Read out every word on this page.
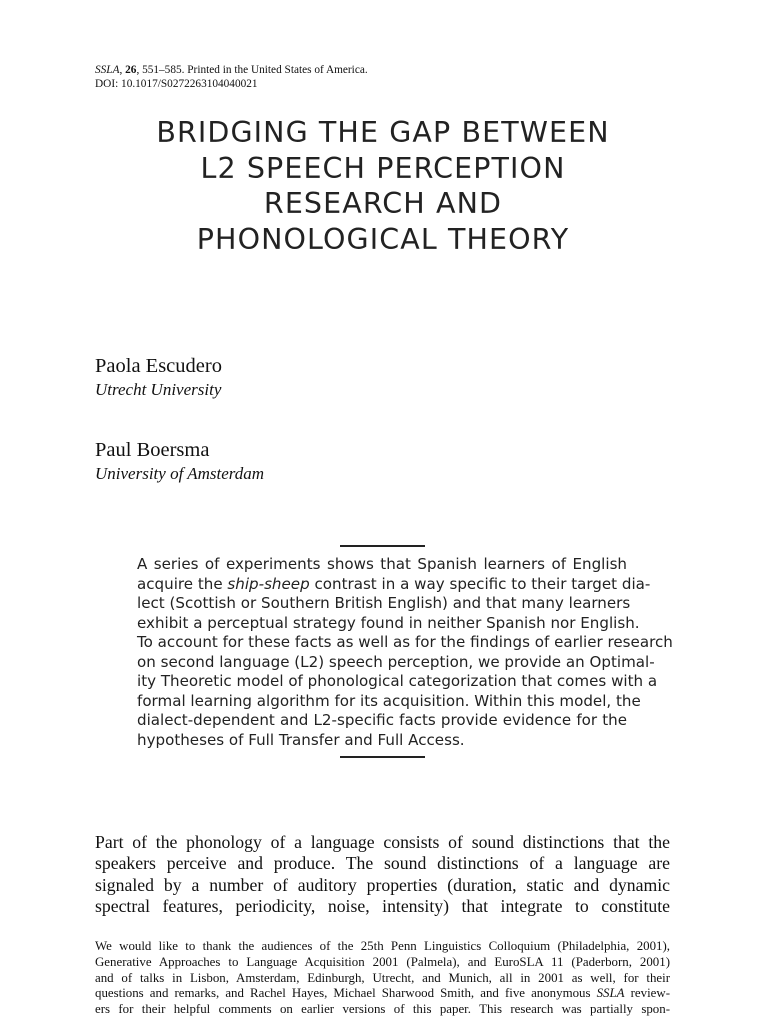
SSLA, 26, 551–585. Printed in the United States of America.
DOI: 10.1017/S0272263104040021
BRIDGING THE GAP BETWEEN
L2 SPEECH PERCEPTION
RESEARCH AND
PHONOLOGICAL THEORY
Paola Escudero
Utrecht University
Paul Boersma
University of Amsterdam
A series of experiments shows that Spanish learners of English
acquire the ship-sheep contrast in a way specific to their target dia-
lect (Scottish or Southern British English) and that many learners
exhibit a perceptual strategy found in neither Spanish nor English.
To account for these facts as well as for the findings of earlier research
on second language (L2) speech perception, we provide an Optimal-
ity Theoretic model of phonological categorization that comes with a
formal learning algorithm for its acquisition. Within this model, the
dialect-dependent and L2-specific facts provide evidence for the
hypotheses of Full Transfer and Full Access.
Part of the phonology of a language consists of sound distinctions that the
speakers perceive and produce. The sound distinctions of a language are
signaled by a number of auditory properties (duration, static and dynamic
spectral features, periodicity, noise, intensity) that integrate to constitute
We would like to thank the audiences of the 25th Penn Linguistics Colloquium (Philadelphia, 2001),
Generative Approaches to Language Acquisition 2001 (Palmela), and EuroSLA 11 (Paderborn, 2001)
and of talks in Lisbon, Amsterdam, Edinburgh, Utrecht, and Munich, all in 2001 as well, for their
questions and remarks, and Rachel Hayes, Michael Sharwood Smith, and five anonymous SSLA review-
ers for their helpful comments on earlier versions of this paper. This research was partially spon-
